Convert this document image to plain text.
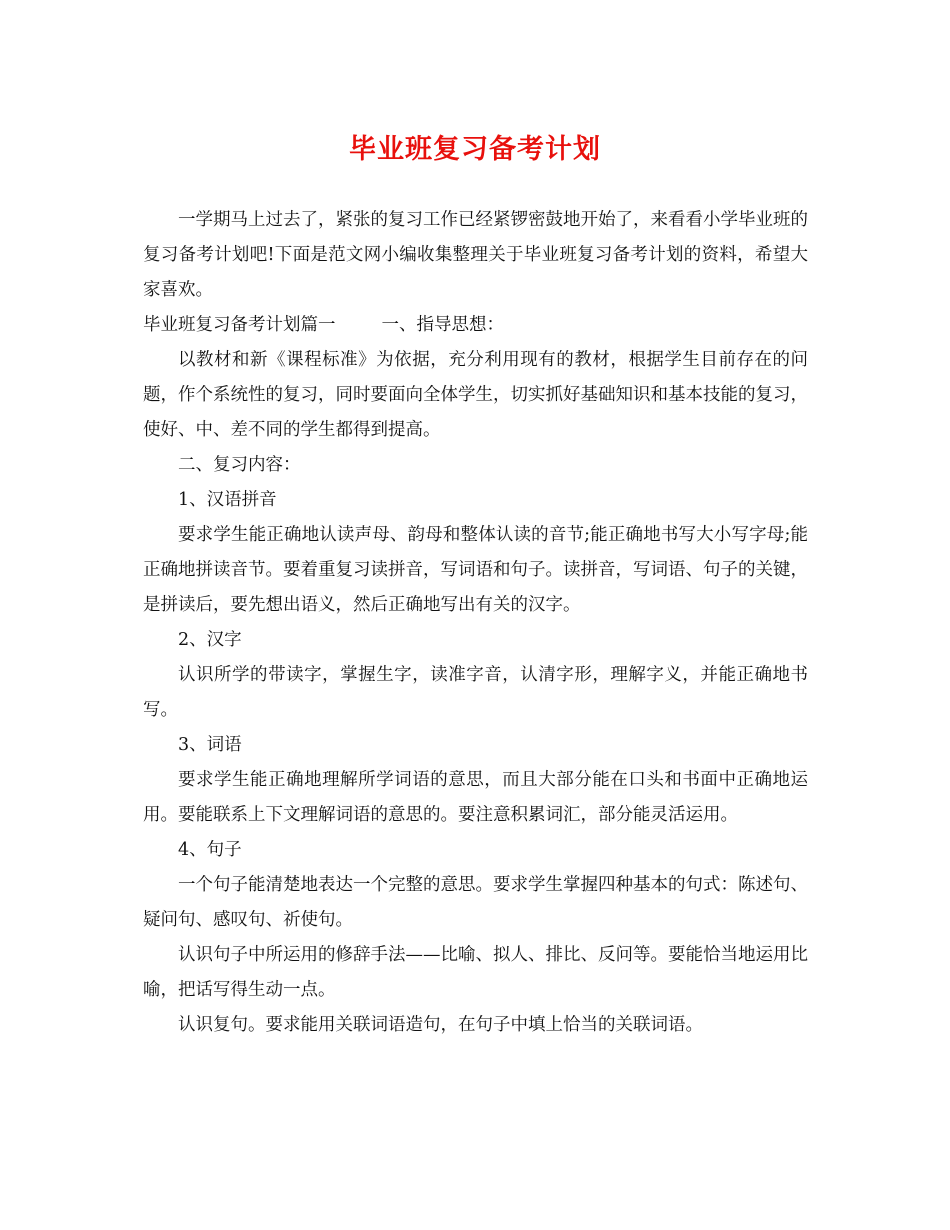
毕业班复习备考计划

一学期马上过去了，紧张的复习工作已经紧锣密鼓地开始了，来看看小学毕业班的复习备考计划吧!下面是范文网小编收集整理关于毕业班复习备考计划的资料，希望大家喜欢。

毕业班复习备考计划篇一	一、指导思想：

以教材和新《课程标准》为依据，充分利用现有的教材，根据学生目前存在的问题，作个系统性的复习，同时要面向全体学生，切实抓好基础知识和基本技能的复习，使好、中、差不同的学生都得到提高。

二、复习内容：

1、汉语拼音

要求学生能正确地认读声母、韵母和整体认读的音节;能正确地书写大小写字母;能正确地拼读音节。要着重复习读拼音，写词语和句子。读拼音，写词语、句子的关键，是拼读后，要先想出语义，然后正确地写出有关的汉字。

2、汉字

认识所学的带读字，掌握生字，读准字音，认清字形，理解字义，并能正确地书写。

3、词语

要求学生能正确地理解所学词语的意思，而且大部分能在口头和书面中正确地运用。要能联系上下文理解词语的意思的。要注意积累词汇，部分能灵活运用。

4、句子

一个句子能清楚地表达一个完整的意思。要求学生掌握四种基本的句式：陈述句、疑问句、感叹句、祈使句。

认识句子中所运用的修辞手法——比喻、拟人、排比、反问等。要能恰当地运用比喻，把话写得生动一点。

认识复句。要求能用关联词语造句，在句子中填上恰当的关联词语。
